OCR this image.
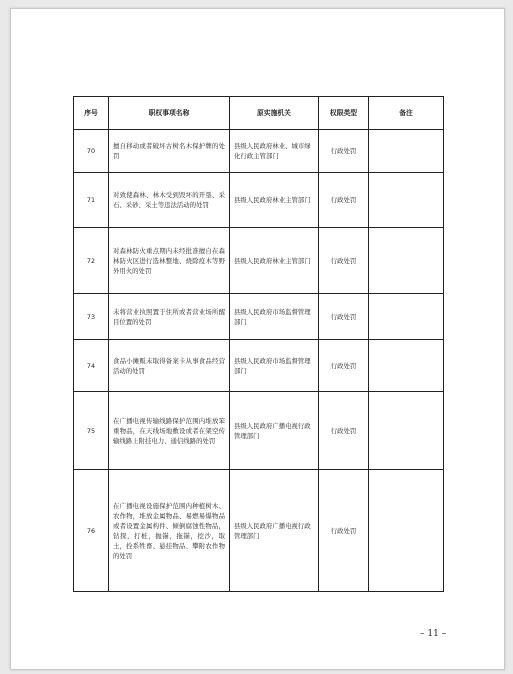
序号	职权事项名称	原实施机关	权限类型	备注
70	擅自移动或者破坏古树名木保护牌的处罚	县级人民政府林业、城市绿化行政主管部门	行政处罚	
71	对致使森林、林木受到毁坏的开垦、采石、采砂、采土等违法活动的处罚	县级人民政府林业主管部门	行政处罚	
72	对森林防火重点期内未经批准擅自在森林防火区进行选林整地、烧除疫木等野外用火的处罚	县级人民政府林业主管部门	行政处罚	
73	未将营业执照置于住所或者营业场所醒目位置的处罚	县级人民政府市场监督管理部门	行政处罚	
74	食品小摊贩未取得备案卡从事食品经营活动的处罚	县级人民政府市场监督管理部门	行政处罚	
75	在广播电视传输线路保护范围内堆放笨重物品，在天线场地敷设或者在架空传输线路上附挂电力、通信线路的处罚	县级人民政府广播电视行政管理部门	行政处罚	
76	在广播电视设施保护范围内种植树木、农作物，堆放金属物品、易燃易爆物品或者设置金属构件、倾倒腐蚀性物品，钻探，打桩，抛锚，拖锚，挖沙，取土，拴系牲畜、悬挂物品、攀附农作物的处罚	县级人民政府广播电视行政管理部门	行政处罚	
– 11 –
